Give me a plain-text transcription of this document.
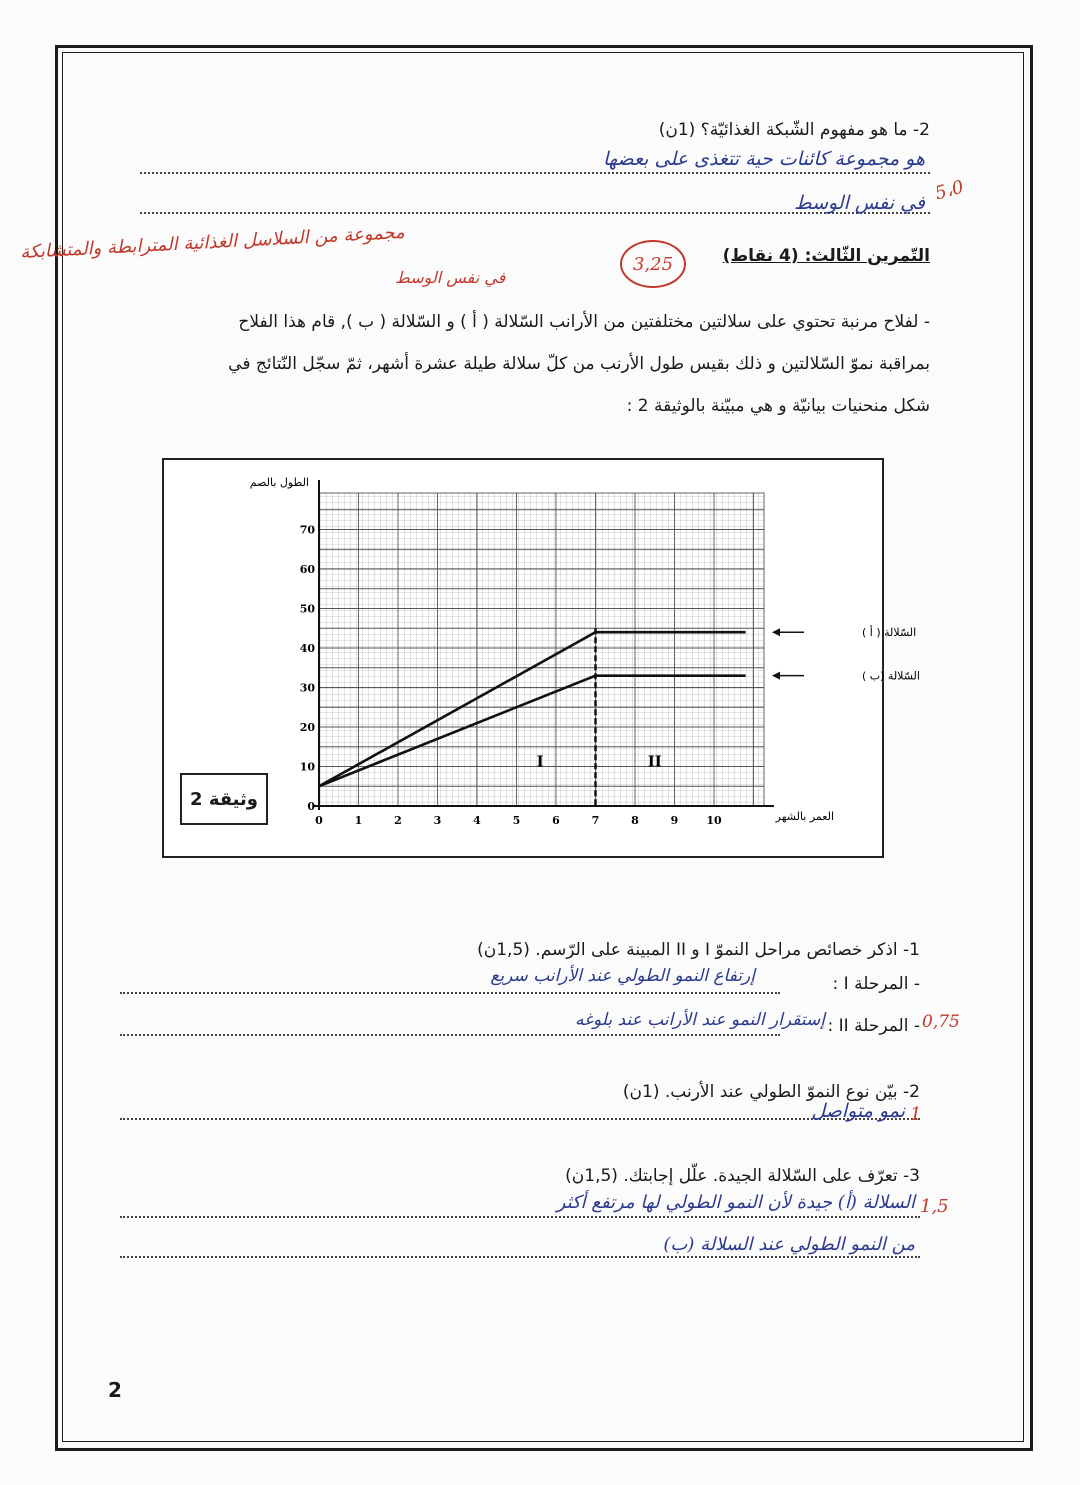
2- ما هو مفهوم الشّبكة الغذائيّة؟ (1ن)
هو مجموعة كائنات حية تتغذى على بعضها
في نفس الوسط 5،0
التّمرين الثّالث: (4 نقاط)
مجموعة من السلاسل الغذائية المترابطة والمتشابكة
في نفس الوسط
3,25
- لفلاح مرنبة تحتوي على سلالتين مختلفتين من الأرانب السّلالة ( أ ) و السّلالة ( ب ), قام هذا الفلاح
بمراقبة نموّ السّلالتين و ذلك بقيس طول الأرنب من كلّ سلالة طيلة عشرة أشهر، ثمّ سجّل النّتائج في
شكل منحنيات بيانيّة و هي مبيّنة بالوثيقة 2 :
الطول بالصم
العمر بالشهر
0	1	2	3	4	5	6	7	8	9	10
0
10
20
30
40
50
60
70
السّلالة ( أ )
السّلالة (ب )
I	II
وثيقة 2
1- اذكر خصائص مراحل النموّ I و II المبينة على الرّسم. (1,5ن)
- المرحلة I :
إرتفاع النمو الطولي عند الأرانب سريع
- المرحلة II :
إستقرار النمو عند الأرانب عند بلوغه	0,75
2- بيّن نوع النموّ الطولي عند الأرنب. (1ن)
نمو متواصل 1
3- تعرّف على السّلالة الجيدة. علّل إجابتك. (1,5ن)
السلالة (أ) جيدة لأن النمو الطولي لها مرتفع أكثر
من النمو الطولي عند السلالة (ب)
1,5
2
